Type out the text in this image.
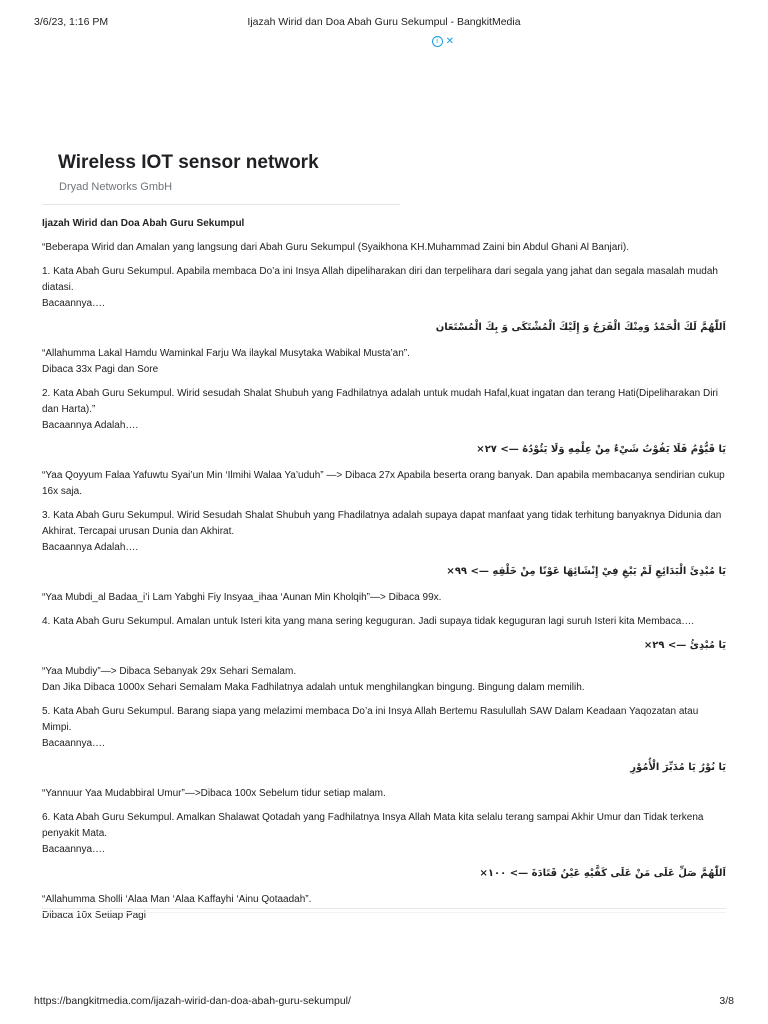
3/6/23, 1:16 PM	Ijazah Wirid dan Doa Abah Guru Sekumpul - BangkitMedia
i ✕
Wireless IOT sensor network
Dryad Networks GmbH

Ijazah Wirid dan Doa Abah Guru Sekumpul

“Beberapa Wirid dan Amalan yang langsung dari Abah Guru Sekumpul (Syaikhona KH.Muhammad Zaini bin Abdul Ghani Al Banjari).

1. Kata Abah Guru Sekumpul. Apabila membaca Do’a ini Insya Allah dipeliharakan diri dan terpelihara dari segala yang jahat dan segala masalah mudah diatasi.

Bacaannya….

اَللّٰهُمَّ لَكَ الْحَمْدُ وَمِنْكَ الْفَرَجُ وَ إِلَيْكَ الْمُشْتَكَى وَ بِكَ الْمُسْتَعَان

“Allahumma Lakal Hamdu Waminkal Farju Wa ilaykal Musytaka Wabikal Musta’an”.

Dibaca 33x Pagi dan Sore

2. Kata Abah Guru Sekumpul. Wirid sesudah Shalat Shubuh yang Fadhilatnya adalah untuk mudah Hafal,kuat ingatan dan terang Hati(Dipeliharakan Diri dan Harta).”

Bacaannya Adalah….

يَا قَيُّوْمُ فَلَا يَفُوْتُ شَيْءٌ مِنْ عِلْمِهِ وَلَا يَئُوْدُهُ —> ٢٧×

“Yaa Qoyyum Falaa Yafuwtu Syai’un Min ‘Ilmihi Walaa Ya’uduh” —> Dibaca 27x Apabila beserta orang banyak. Dan apabila membacanya sendirian cukup 16x saja.

3. Kata Abah Guru Sekumpul. Wirid Sesudah Shalat Shubuh yang Fhadilatnya adalah supaya dapat manfaat yang tidak terhitung banyaknya Didunia dan Akhirat. Tercapai urusan Dunia dan Akhirat.

Bacaannya Adalah….

يَا مُبْدِئَ الْبَدَائِعِ لَمْ يَبْغِ فِيْ إِنْشَائِهَا عَوْنًا مِنْ خَلْقِهِ —> ٩٩×

“Yaa Mubdi_al Badaa_i’i Lam Yabghi Fiy Insyaa_ihaa ‘Aunan Min Kholqih”—> Dibaca 99x.

4. Kata Abah Guru Sekumpul. Amalan untuk Isteri kita yang mana sering keguguran. Jadi supaya tidak keguguran lagi suruh Isteri kita Membaca….

يَا مُبْدِئُ —> ٢٩×

“Yaa Mubdiy”—> Dibaca Sebanyak 29x Sehari Semalam.

Dan Jika Dibaca 1000x Sehari Semalam Maka Fadhilatnya adalah untuk menghilangkan bingung. Bingung dalam memilih.

5. Kata Abah Guru Sekumpul. Barang siapa yang melazimi membaca Do’a ini Insya Allah Bertemu Rasulullah SAW Dalam Keadaan Yaqozatan atau Mimpi.

Bacaannya….

يَا نُوْرُ يَا مُدَبِّرَ الْأُمُوْرِ

“Yannuur Yaa Mudabbiral Umur”—>Dibaca 100x Sebelum tidur setiap malam.

6. Kata Abah Guru Sekumpul. Amalkan Shalawat Qotadah yang Fadhilatnya Insya Allah Mata kita selalu terang sampai Akhir Umur dan Tidak terkena penyakit Mata.

Bacaannya….

اَللّٰهُمَّ صَلِّ عَلَى مَنْ عَلَى كَفَّيْهِ عَيْنُ قَتَادَةَ —> ١٠٠×

“Allahumma Sholli ‘Alaa Man ‘Alaa Kaffayhi ‘Ainu Qotaadah”.

Dibaca 10x Setiap Pagi

https://bangkitmedia.com/ijazah-wirid-dan-doa-abah-guru-sekumpul/	3/8
